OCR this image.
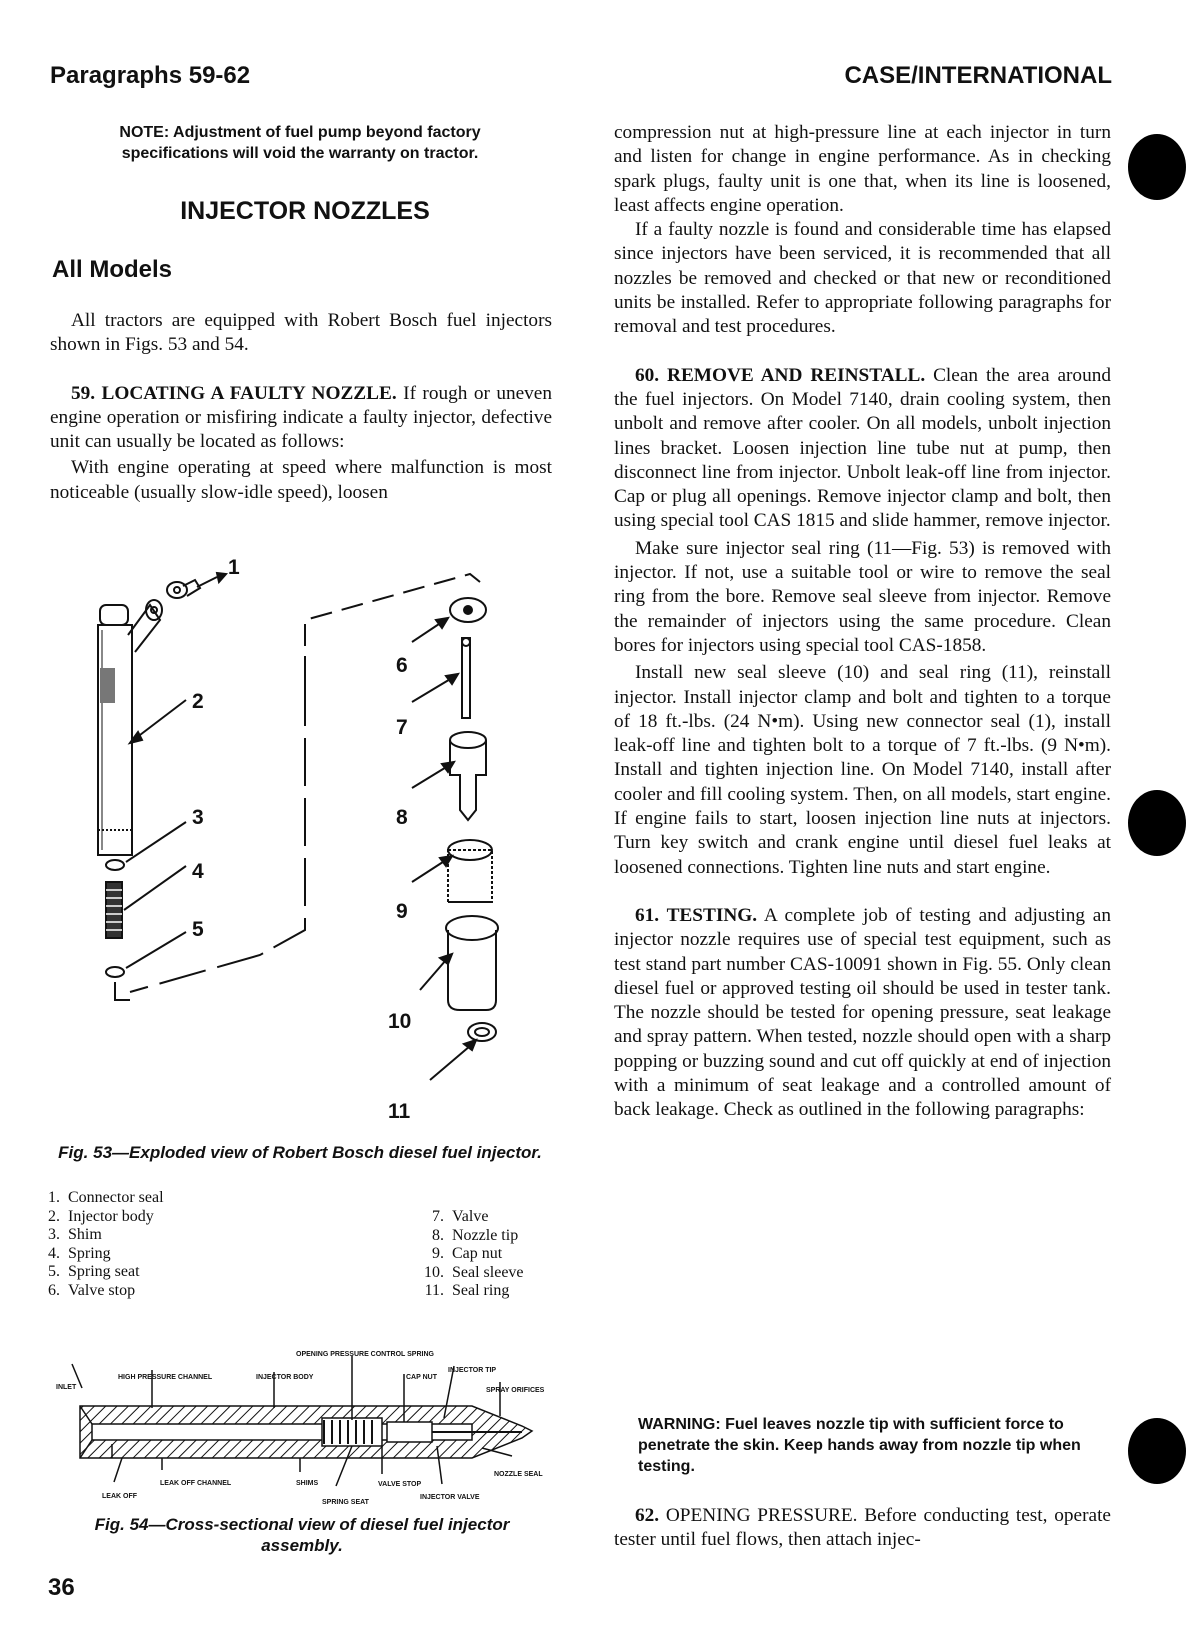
Paragraphs 59-62	CASE/INTERNATIONAL
NOTE: Adjustment of fuel pump beyond factory
specifications will void the warranty on tractor.
INJECTOR NOZZLES
All Models

All tractors are equipped with Robert Bosch fuel injectors shown in Figs. 53 and 54.

59. LOCATING A FAULTY NOZZLE. If rough or uneven engine operation or misfiring indicate a faulty injector, defective unit can usually be located as follows:

With engine operating at speed where malfunction is most noticeable (usually slow-idle speed), loosen

1
2
3
4
5
6
7
8
9
10
11
Fig. 53—Exploded view of Robert Bosch diesel fuel injector.
1. Connector seal
2. Injector body
3. Shim
4. Spring
5. Spring seat
6. Valve stop
7. Valve
8. Nozzle tip
9. Cap nut
10. Seal sleeve
11. Seal ring
OPENING PRESSURE CONTROL SPRING
INJECTOR TIP
HIGH PRESSURE CHANNEL	INJECTOR BODY	CAP NUT
SPRAY ORIFICES
INLET
NOZZLE SEAL
LEAK OFF CHANNEL	SHIMS	VALVE STOP
LEAK OFF
SPRING SEAT
INJECTOR VALVE
Fig. 54—Cross-sectional view of diesel fuel injector assembly.
36

compression nut at high-pressure line at each injector in turn and listen for change in engine performance. As in checking spark plugs, faulty unit is one that, when its line is loosened, least affects engine operation.

If a faulty nozzle is found and considerable time has elapsed since injectors have been serviced, it is recommended that all nozzles be removed and checked or that new or reconditioned units be installed. Refer to appropriate following paragraphs for removal and test procedures.

60. REMOVE AND REINSTALL. Clean the area around the fuel injectors. On Model 7140, drain cooling system, then unbolt and remove after cooler. On all models, unbolt injection lines bracket. Loosen injection line tube nut at pump, then disconnect line from injector. Unbolt leak-off line from injector. Cap or plug all openings. Remove injector clamp and bolt, then using special tool CAS 1815 and slide hammer, remove injector.

Make sure injector seal ring (11—Fig. 53) is removed with injector. If not, use a suitable tool or wire to remove the seal ring from the bore. Remove seal sleeve from injector. Remove the remainder of injectors using the same procedure. Clean bores for injectors using special tool CAS-1858.

Install new seal sleeve (10) and seal ring (11), reinstall injector. Install injector clamp and bolt and tighten to a torque of 18 ft.-lbs. (24 N•m). Using new connector seal (1), install leak-off line and tighten bolt to a torque of 7 ft.-lbs. (9 N•m). Install and tighten injection line. On Model 7140, install after cooler and fill cooling system. Then, on all models, start engine. If engine fails to start, loosen injection line nuts at injectors. Turn key switch and crank engine until diesel fuel leaks at loosened connections. Tighten line nuts and start engine.

61. TESTING. A complete job of testing and adjusting an injector nozzle requires use of special test equipment, such as test stand part number CAS-10091 shown in Fig. 55. Only clean diesel fuel or approved testing oil should be used in tester tank. The nozzle should be tested for opening pressure, seat leakage and spray pattern. When tested, nozzle should open with a sharp popping or buzzing sound and cut off quickly at end of injection with a minimum of seat leakage and a controlled amount of back leakage. Check as outlined in the following paragraphs:

WARNING: Fuel leaves nozzle tip with sufficient force to penetrate the skin. Keep hands away from nozzle tip when testing.

62. OPENING PRESSURE. Before conducting test, operate tester until fuel flows, then attach injec-
